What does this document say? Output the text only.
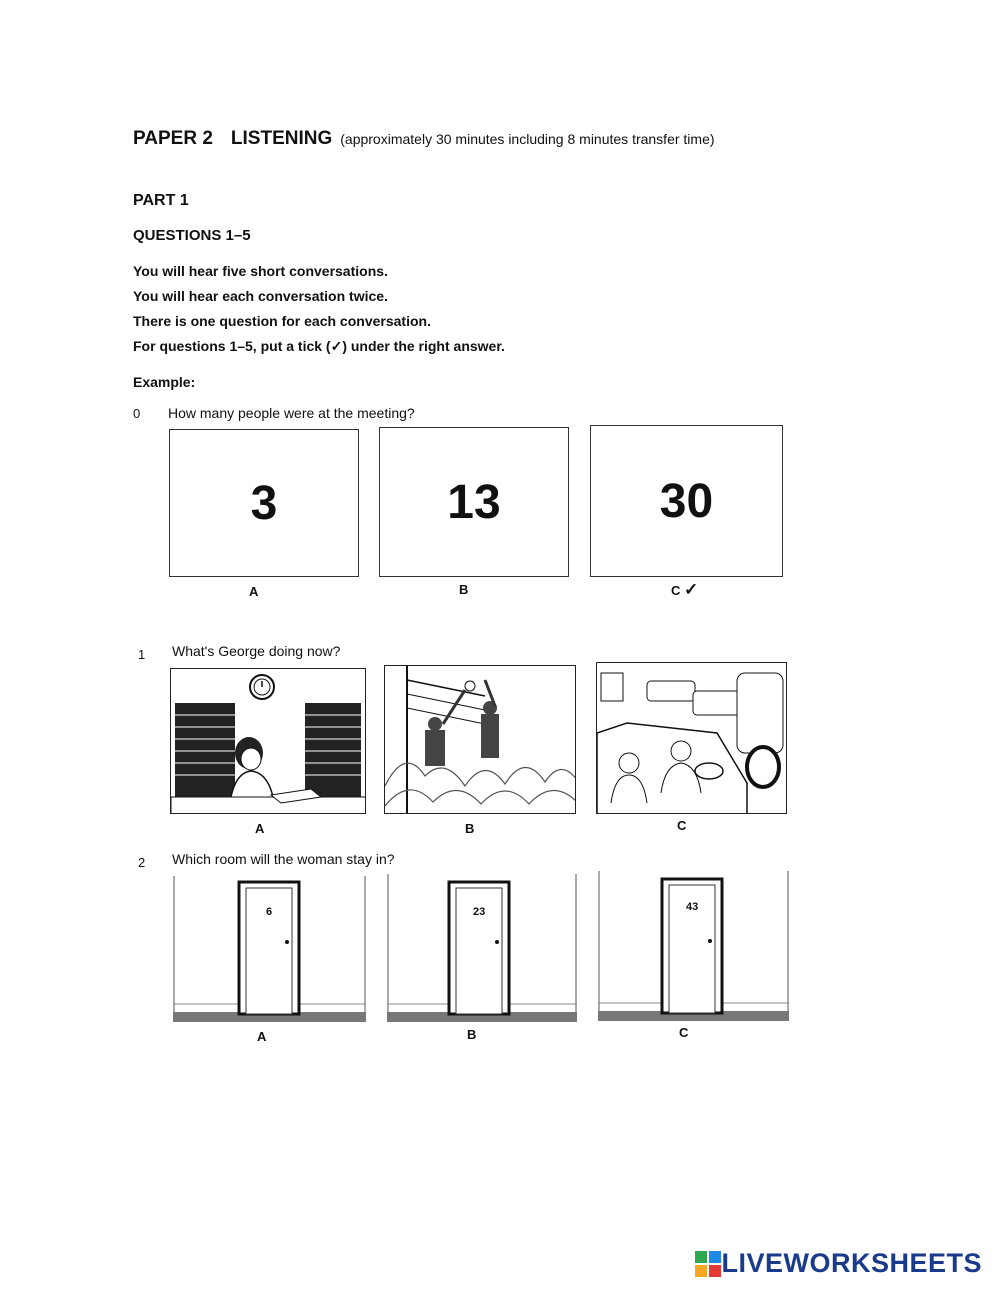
PAPER 2 LISTENING (approximately 30 minutes including 8 minutes transfer time)
PART 1
QUESTIONS 1–5
You will hear five short conversations.
You will hear each conversation twice.
There is one question for each conversation.
For questions 1–5, put a tick (✓) under the right answer.
Example:
0 How many people were at the meeting?
3	13	30
A	B	C ✓
1 What's George doing now?
A	B	C
2 Which room will the woman stay in?
6	23	43
A	B	C
LIVEWORKSHEETS
